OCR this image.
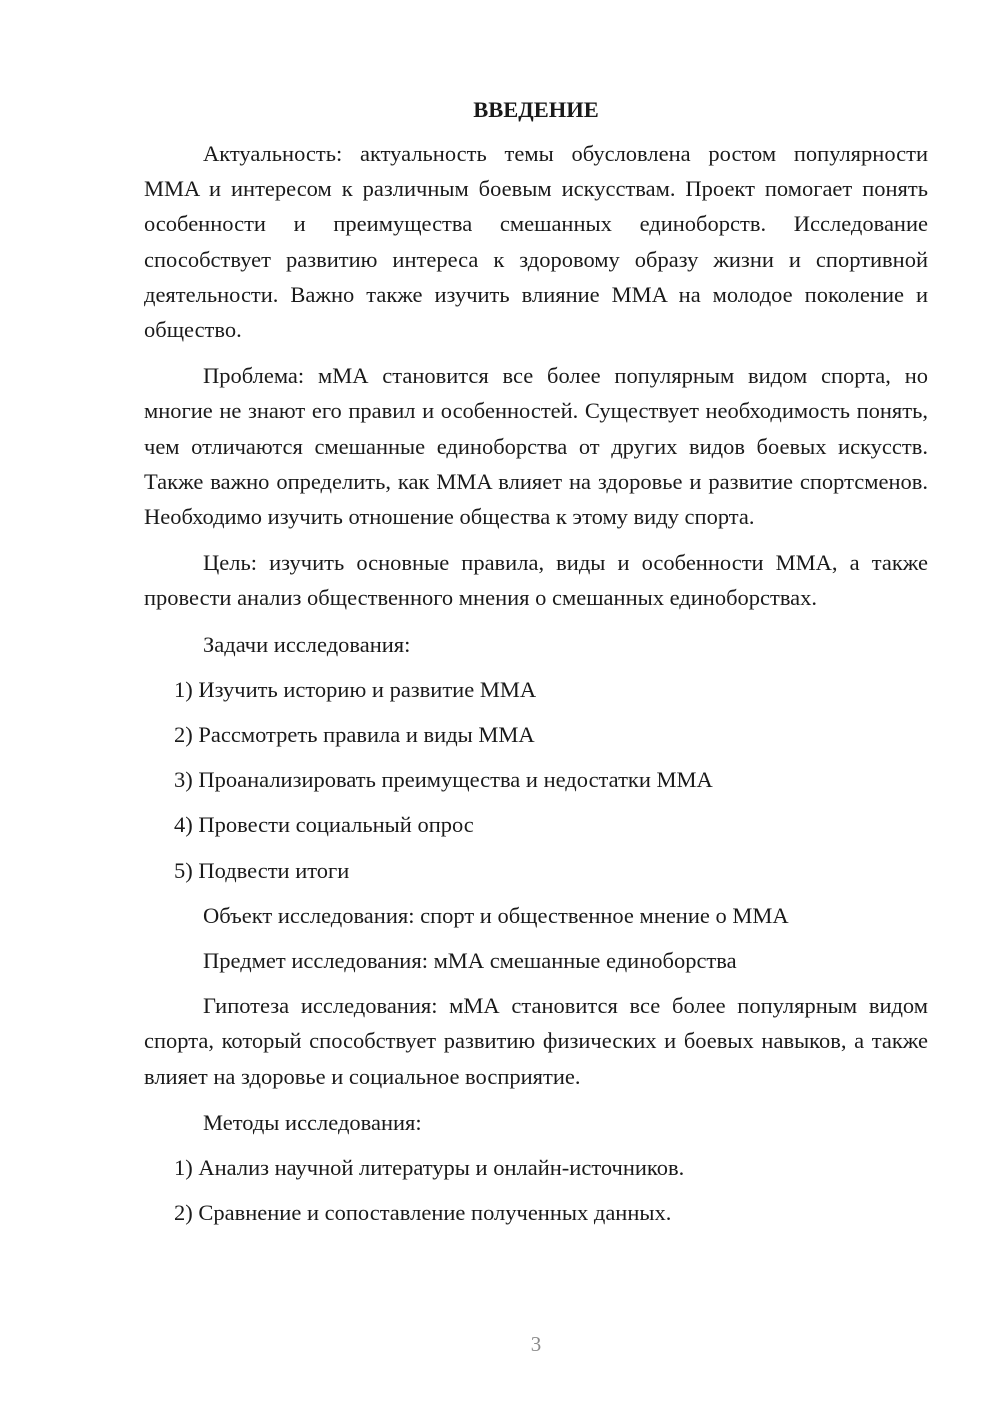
ВВЕДЕНИЕ

Актуальность: актуальность темы обусловлена ростом популярности MMA и интересом к различным боевым искусствам. Проект помогает понять особенности и преимущества смешанных единоборств. Исследование способствует развитию интереса к здоровому образу жизни и спортивной деятельности. Важно также изучить влияние MMA на молодое поколение и общество.

Проблема: мМА становится все более популярным видом спорта, но многие не знают его правил и особенностей. Существует необходимость понять, чем отличаются смешанные единоборства от других видов боевых искусств. Также важно определить, как MMA влияет на здоровье и развитие спортсменов. Необходимо изучить отношение общества к этому виду спорта.

Цель: изучить основные правила, виды и особенности MMA, а также провести анализ общественного мнения о смешанных единоборствах.

Задачи исследования:
1) Изучить историю и развитие MMA
2) Рассмотреть правила и виды MMA
3) Проанализировать преимущества и недостатки MMA
4) Провести социальный опрос
5) Подвести итоги
Объект исследования: спорт и общественное мнение о MMA
Предмет исследования: мМА смешанные единоборства

Гипотеза исследования: мМА становится все более популярным видом спорта, который способствует развитию физических и боевых навыков, а также влияет на здоровье и социальное восприятие.

Методы исследования:
1) Анализ научной литературы и онлайн-источников.
2) Сравнение и сопоставление полученных данных.
3
